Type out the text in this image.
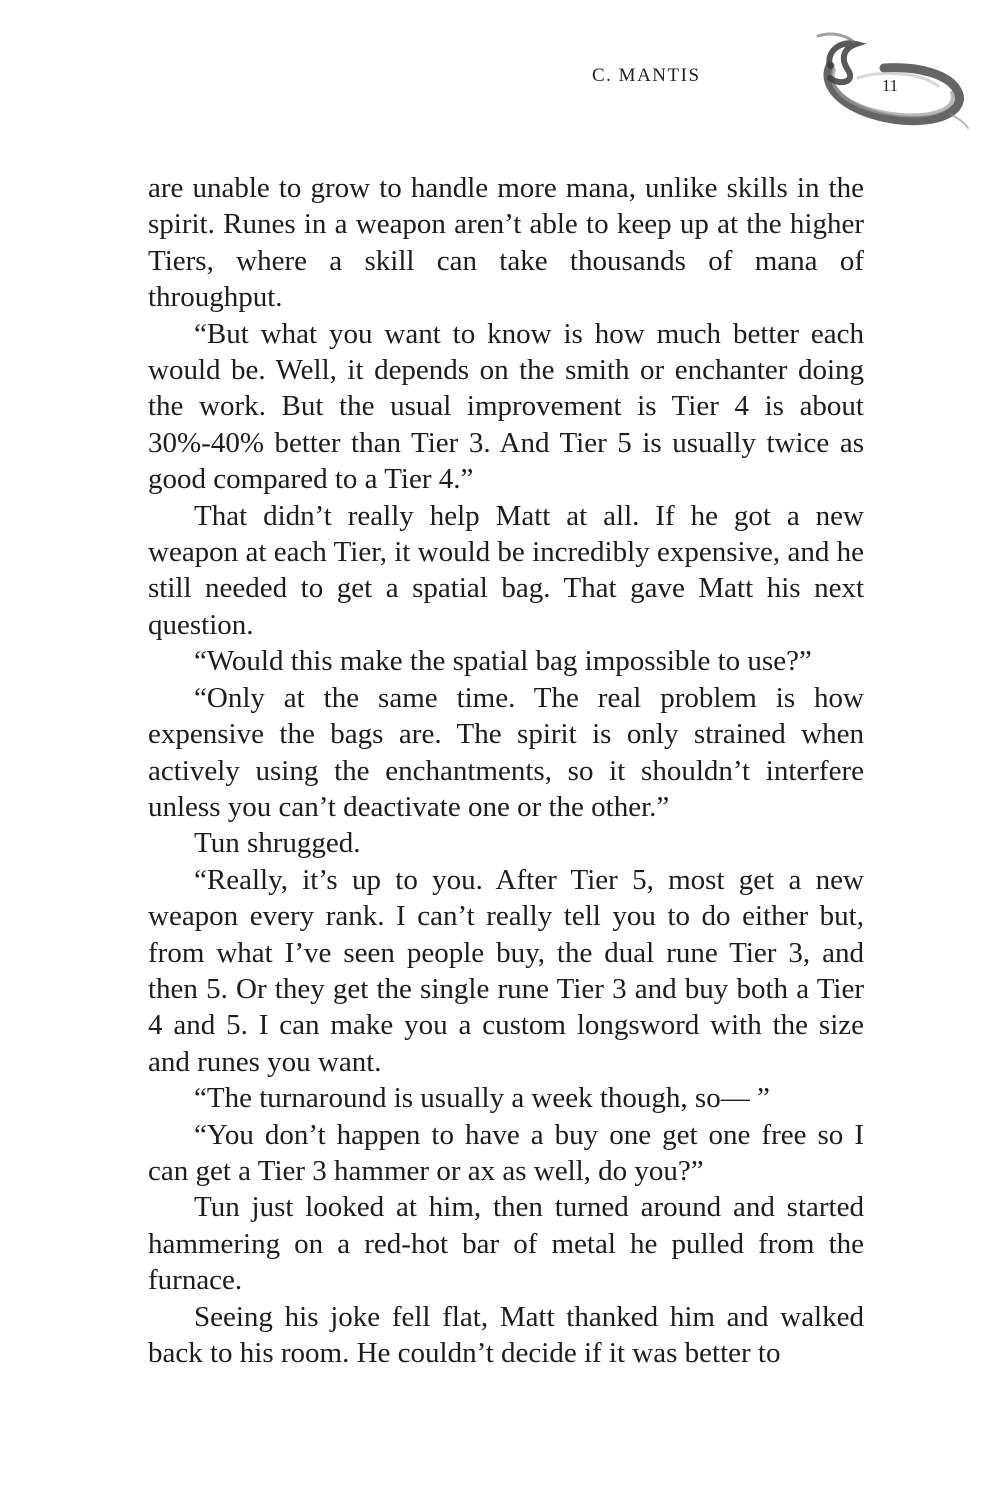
C. MANTIS	11

are unable to grow to handle more mana, unlike skills in the spirit. Runes in a weapon aren’t able to keep up at the higher Tiers, where a skill can take thousands of mana of throughput.

“But what you want to know is how much better each would be. Well, it depends on the smith or enchanter doing the work. But the usual improvement is Tier 4 is about 30%-40% better than Tier 3. And Tier 5 is usually twice as good compared to a Tier 4.”

That didn’t really help Matt at all. If he got a new weapon at each Tier, it would be incredibly expensive, and he still needed to get a spatial bag. That gave Matt his next question.

“Would this make the spatial bag impossible to use?”

“Only at the same time. The real problem is how expensive the bags are. The spirit is only strained when actively using the enchantments, so it shouldn’t interfere unless you can’t deactivate one or the other.”

Tun shrugged.

“Really, it’s up to you. After Tier 5, most get a new weapon every rank. I can’t really tell you to do either but, from what I’ve seen people buy, the dual rune Tier 3, and then 5. Or they get the single rune Tier 3 and buy both a Tier 4 and 5. I can make you a custom longsword with the size and runes you want.

“The turnaround is usually a week though, so— ”

“You don’t happen to have a buy one get one free so I can get a Tier 3 hammer or ax as well, do you?”

Tun just looked at him, then turned around and started hammering on a red-hot bar of metal he pulled from the furnace.

Seeing his joke fell flat, Matt thanked him and walked back to his room. He couldn’t decide if it was better to
